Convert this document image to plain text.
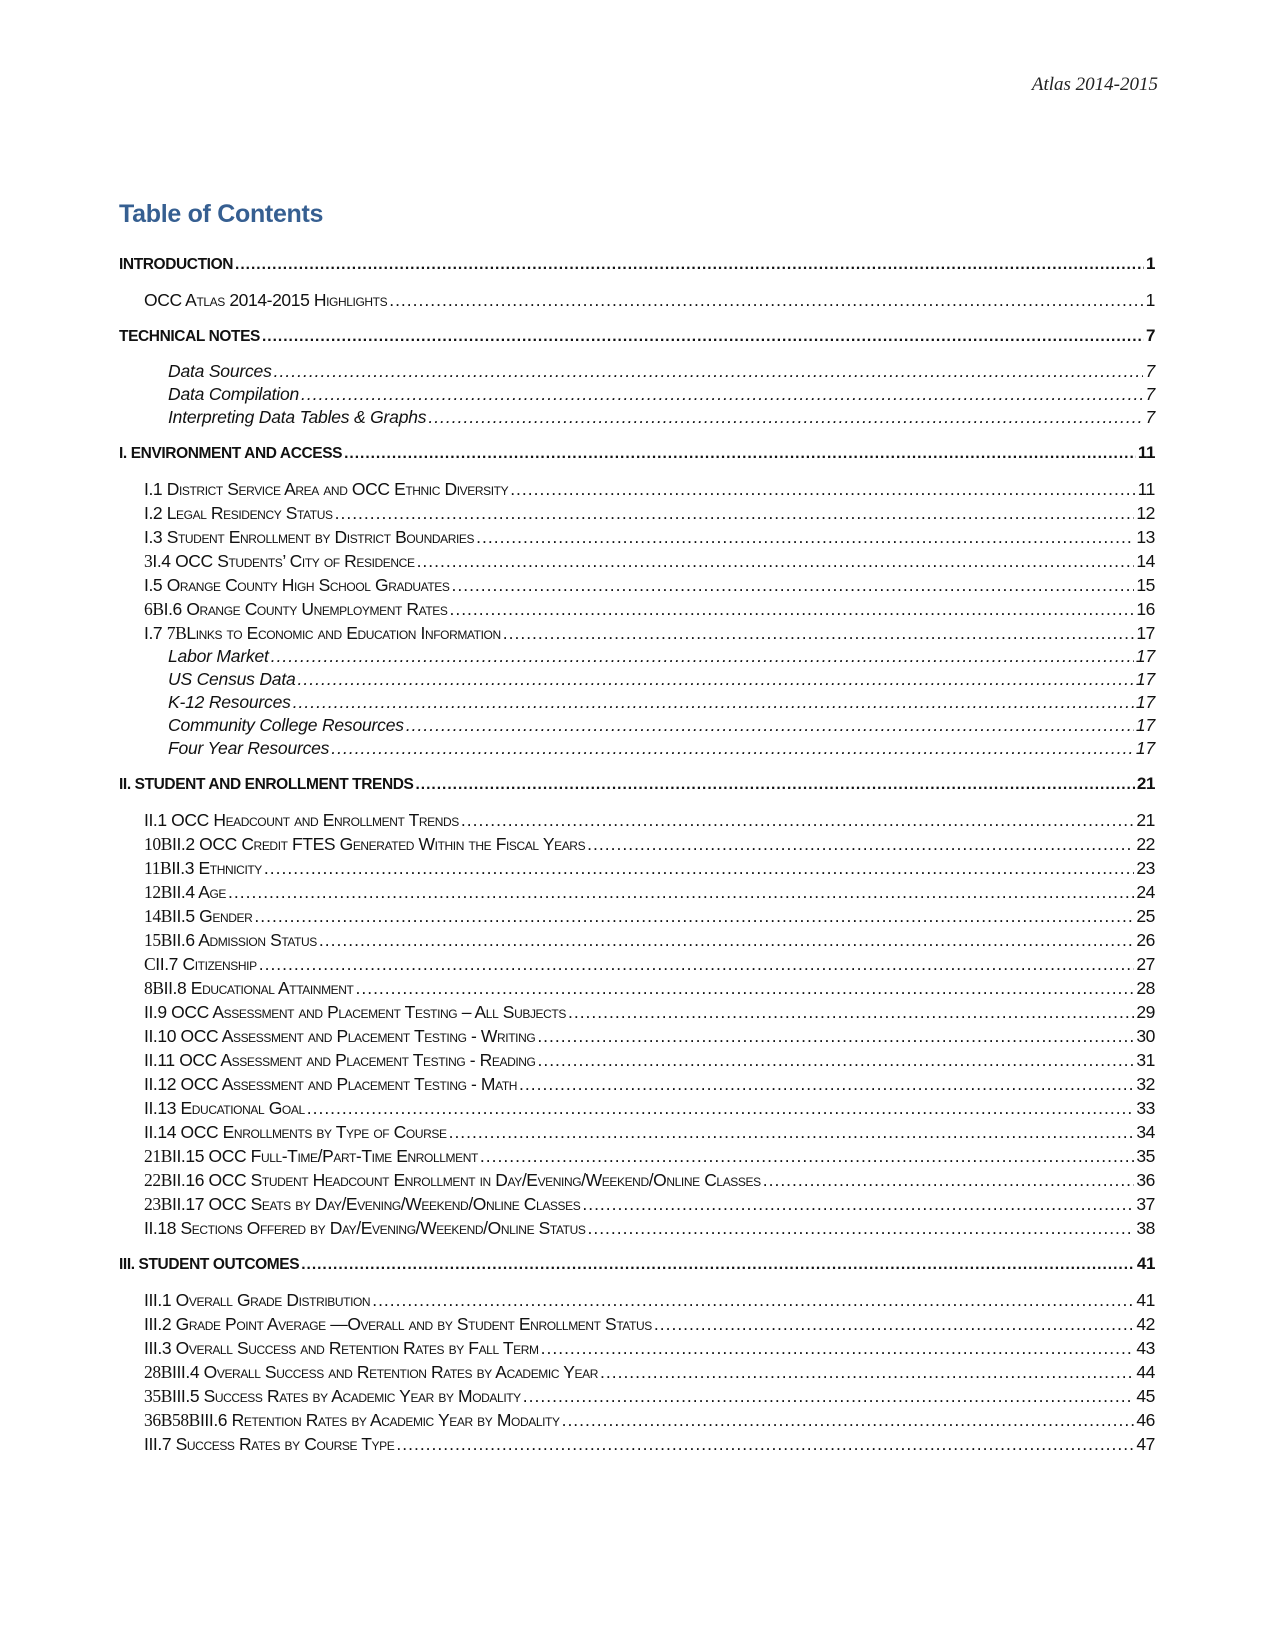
Atlas 2014-2015
Table of Contents
INTRODUCTION .....	1
OCC Atlas 2014-2015 Highlights .....	1
TECHNICAL NOTES .....	7
Data Sources .....	7
Data Compilation .....	7
Interpreting Data Tables & Graphs .....	7
I. ENVIRONMENT AND ACCESS .....	11
I.1 District Service Area and OCC Ethnic Diversity .....	11
I.2 Legal Residency Status .....	12
I.3 Student Enrollment by District Boundaries .....	13
3I.4 OCC Students’ City of Residence .....	14
I.5 Orange County High School Graduates .....	15
6BI.6 Orange County Unemployment Rates .....	16
I.7 7BLinks to Economic and Education Information .....	17
Labor Market .....	17
US Census Data .....	17
K-12 Resources .....	17
Community College Resources .....	17
Four Year Resources .....	17
II. STUDENT AND ENROLLMENT TRENDS .....	21
II.1 OCC Headcount and Enrollment Trends .....	21
10BII.2 OCC Credit FTES Generated Within the Fiscal Years .....	22
11BII.3 Ethnicity .....	23
12BII.4 Age .....	24
14BII.5 Gender .....	25
15BII.6 Admission Status .....	26
CII.7 Citizenship .....	27
8BII.8 Educational Attainment .....	28
II.9 OCC Assessment and Placement Testing – All Subjects .....	29
II.10 OCC Assessment and Placement Testing - Writing .....	30
II.11 OCC Assessment and Placement Testing - Reading .....	31
II.12 OCC Assessment and Placement Testing - Math .....	32
II.13 Educational Goal .....	33
II.14 OCC Enrollments by Type of Course .....	34
21BII.15 OCC Full-Time/Part-Time Enrollment .....	35
22BII.16 OCC Student Headcount Enrollment in Day/Evening/Weekend/Online Classes .....	36
23BII.17 OCC Seats by Day/Evening/Weekend/Online Classes .....	37
II.18 Sections Offered by Day/Evening/Weekend/Online Status .....	38
III. STUDENT OUTCOMES .....	41
III.1 Overall Grade Distribution .....	41
III.2 Grade Point Average —Overall and by Student Enrollment Status .....	42
III.3 Overall Success and Retention Rates by Fall Term .....	43
28BIII.4 Overall Success and Retention Rates by Academic Year .....	44
35BIII.5 Success Rates by Academic Year by Modality .....	45
36B58BIII.6 Retention Rates by Academic Year by Modality .....	46
III.7 Success Rates by Course Type .....	47
